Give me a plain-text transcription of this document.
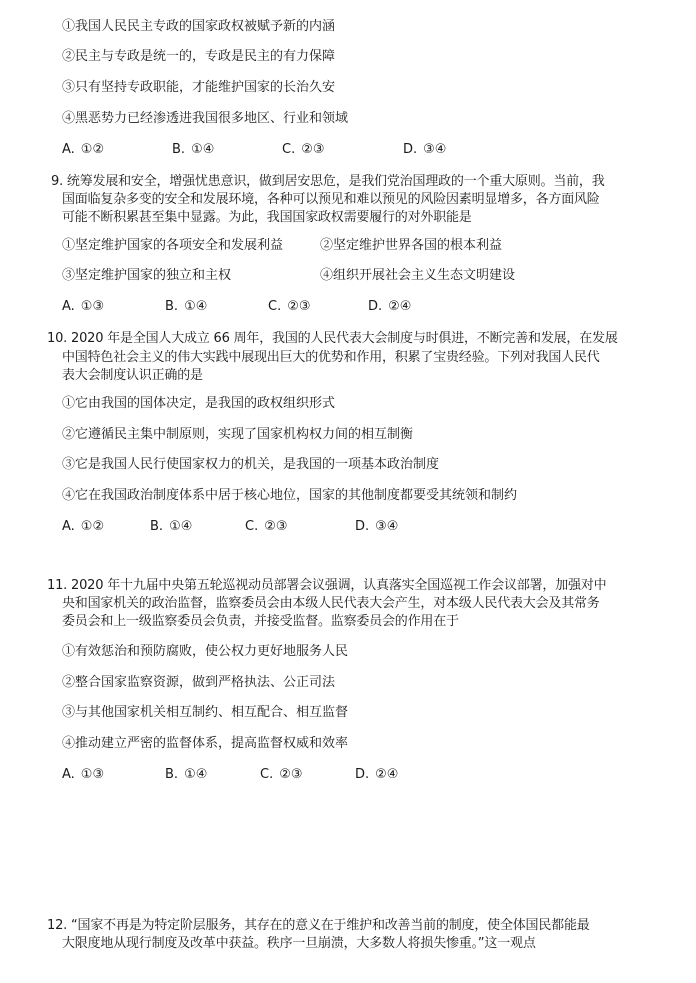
①我国人民民主专政的国家政权被赋予新的内涵
②民主与专政是统一的，专政是民主的有力保障
③只有坚持专政职能，才能维护国家的长治久安
④黑恶势力已经渗透进我国很多地区、行业和领域
A. ①②	B. ①④	C. ②③	D. ③④
9. 统筹发展和安全，增强忧患意识，做到居安思危，是我们党治国理政的一个重大原则。当前，我
国面临复杂多变的安全和发展环境，各种可以预见和难以预见的风险因素明显增多，各方面风险
可能不断积累甚至集中显露。为此，我国国家政权需要履行的对外职能是
①坚定维护国家的各项安全和发展利益	②坚定维护世界各国的根本利益
③坚定维护国家的独立和主权	④组织开展社会主义生态文明建设
A. ①③	B. ①④	C. ②③	D. ②④
10. 2020 年是全国人大成立 66 周年，我国的人民代表大会制度与时俱进，不断完善和发展，在发展
中国特色社会主义的伟大实践中展现出巨大的优势和作用，积累了宝贵经验。下列对我国人民代
表大会制度认识正确的是
①它由我国的国体决定，是我国的政权组织形式
②它遵循民主集中制原则，实现了国家机构权力间的相互制衡
③它是我国人民行使国家权力的机关，是我国的一项基本政治制度
④它在我国政治制度体系中居于核心地位，国家的其他制度都要受其统领和制约
A. ①②	B. ①④	C. ②③	D. ③④
11. 2020 年十九届中央第五轮巡视动员部署会议强调，认真落实全国巡视工作会议部署，加强对中
央和国家机关的政治监督，监察委员会由本级人民代表大会产生，对本级人民代表大会及其常务
委员会和上一级监察委员会负责，并接受监督。监察委员会的作用在于
①有效惩治和预防腐败，使公权力更好地服务人民
②整合国家监察资源，做到严格执法、公正司法
③与其他国家机关相互制约、相互配合、相互监督
④推动建立严密的监督体系，提高监督权威和效率
A. ①③	B. ①④	C. ②③	D. ②④
12. “国家不再是为特定阶层服务，其存在的意义在于维护和改善当前的制度，使全体国民都能最
大限度地从现行制度及改革中获益。秩序一旦崩溃，大多数人将损失惨重。”这一观点
